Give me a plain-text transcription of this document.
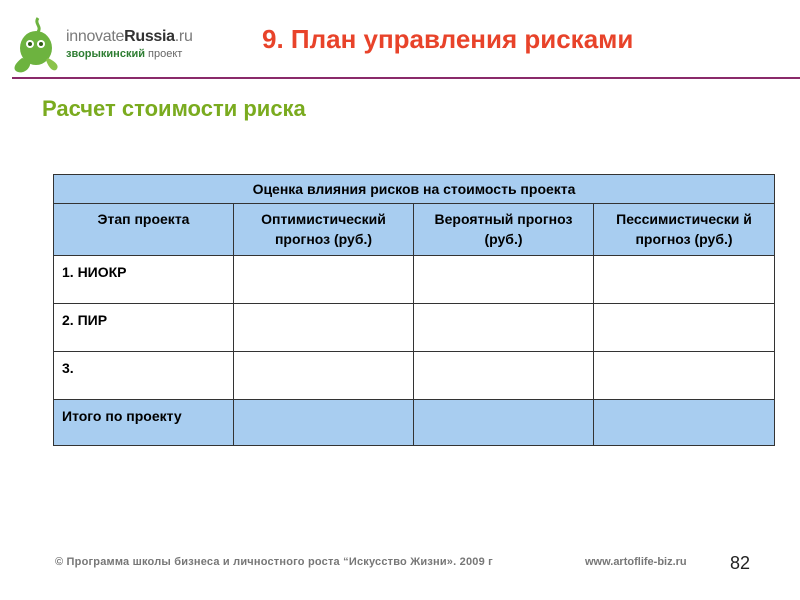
innovateRussia.ru
зворыкинский проект	9. План управления рисками
Расчет стоимости риска
Оценка влияния рисков на стоимость проекта			
Этап проекта	Оптимистический прогноз (руб.)	Вероятный прогноз (руб.)	Пессимистически й прогноз (руб.)
1. НИОКР			
2. ПИР			
3.			
Итого по проекту			
© Программа школы бизнеса и личностного роста “Искусство Жизни». 2009 г	www.artoflife-biz.ru 82
